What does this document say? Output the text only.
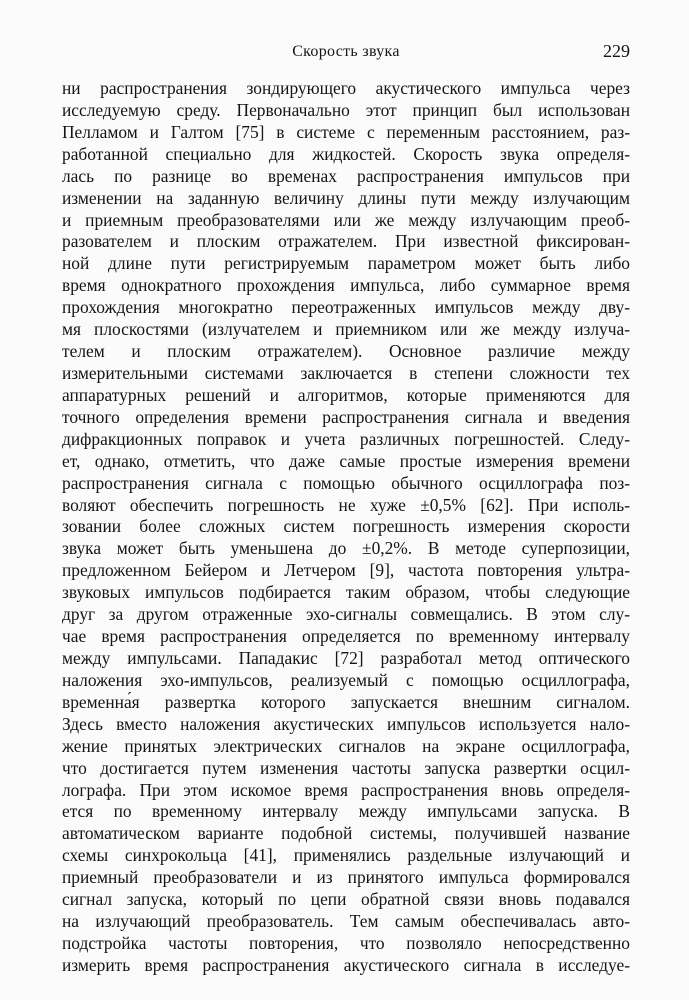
Скорость звука	229
ни распространения зондирующего акустического импульса через
исследуемую среду. Первоначально этот принцип был использован
Пелламом и Галтом [75] в системе с переменным расстоянием, раз-
работанной специально для жидкостей. Скорость звука определя-
лась по разнице во временах распространения импульсов при
изменении на заданную величину длины пути между излучающим
и приемным преобразователями или же между излучающим преоб-
разователем и плоским отражателем. При известной фиксирован-
ной длине пути регистрируемым параметром может быть либо
время однократного прохождения импульса, либо суммарное время
прохождения многократно переотраженных импульсов между дву-
мя плоскостями (излучателем и приемником или же между излуча-
телем и плоским отражателем). Основное различие между
измерительными системами заключается в степени сложности тех
аппаратурных решений и алгоритмов, которые применяются для
точного определения времени распространения сигнала и введения
дифракционных поправок и учета различных погрешностей. Следу-
ет, однако, отметить, что даже самые простые измерения времени
распространения сигнала с помощью обычного осциллографа поз-
воляют обеспечить погрешность не хуже ±0,5% [62]. При исполь-
зовании более сложных систем погрешность измерения скорости
звука может быть уменьшена до ±0,2%. В методе суперпозиции,
предложенном Бейером и Летчером [9], частота повторения ультра-
звуковых импульсов подбирается таким образом, чтобы следующие
друг за другом отраженные эхо-сигналы совмещались. В этом слу-
чае время распространения определяется по временному интервалу
между импульсами. Пападакис [72] разработал метод оптического
наложения эхо-импульсов, реализуемый с помощью осциллографа,
временна́я развертка которого запускается внешним сигналом.
Здесь вместо наложения акустических импульсов используется нало-
жение принятых электрических сигналов на экране осциллографа,
что достигается путем изменения частоты запуска развертки осцил-
лографа. При этом искомое время распространения вновь определя-
ется по временному интервалу между импульсами запуска. В
автоматическом варианте подобной системы, получившей название
схемы синхрокольца [41], применялись раздельные излучающий и
приемный преобразователи и из принятого импульса формировался
сигнал запуска, который по цепи обратной связи вновь подавался
на излучающий преобразователь. Тем самым обеспечивалась авто-
подстройка частоты повторения, что позволяло непосредственно
измерить время распространения акустического сигнала в исследуе-
